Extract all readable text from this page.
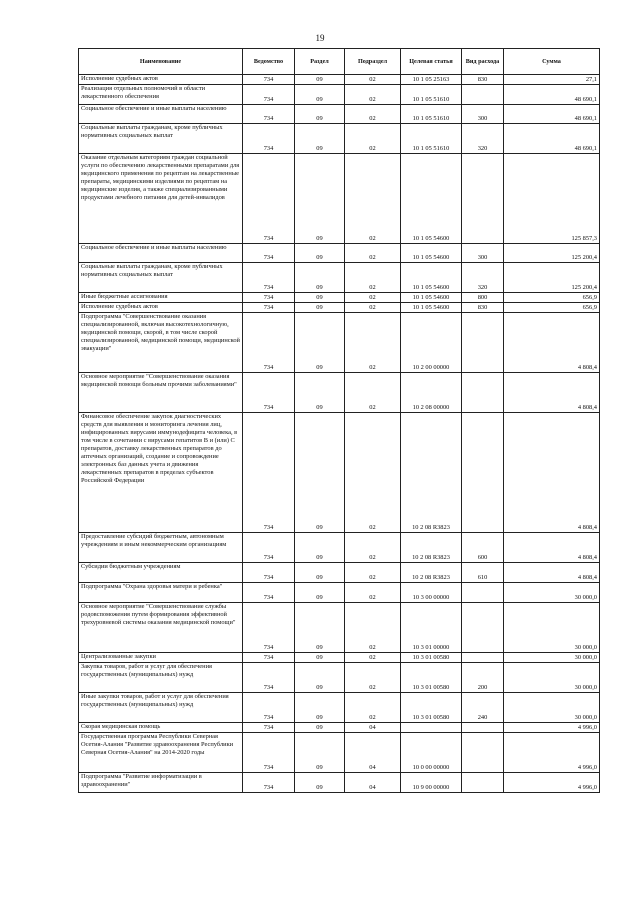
19
Наименование	Ведомство	Раздел	Подраздел	Целевая статья	Вид расхода	Сумма
Исполнение судебных актов	734	09	02	10 1 05 25163	830	27,1
Реализация отдельных полномочий в области лекарственного обеспечения	734	09	02	10 1 05 51610		48 690,1
Социальное обеспечение и иные выплаты населению	734	09	02	10 1 05 51610	300	48 690,1
Социальные выплаты гражданам, кроме публичных нормативных социальных выплат	734	09	02	10 1 05 51610	320	48 690,1
Оказание отдельным категориям граждан социальной услуги по обеспечению лекарственными препаратами для медицинского применения по рецептам на лекарственные препараты, медицинскими изделиями по рецептам на медицинские изделия, а также специализированными продуктами лечебного питания для детей-инвалидов	734	09	02	10 1 05 54600		125 857,3
Социальное обеспечение и иные выплаты населению	734	09	02	10 1 05 54600	300	125 200,4
Социальные выплаты гражданам, кроме публичных нормативных социальных выплат	734	09	02	10 1 05 54600	320	125 200,4
Иные бюджетные ассигнования	734	09	02	10 1 05 54600	800	656,9
Исполнение судебных актов	734	09	02	10 1 05 54600	830	656,9
Подпрограмма "Совершенствование оказания специализированной, включая высокотехнологичную, медицинской помощи, скорой, в том числе скорой специализированной, медицинской помощи, медицинской эвакуации"	734	09	02	10 2 00 00000		4 808,4
Основное мероприятие "Совершенствование оказания медицинской помощи больным прочими заболеваниями"	734	09	02	10 2 08 00000		4 808,4
Финансовое обеспечение закупок диагностических средств для выявления и мониторинга лечения лиц, инфицированных вирусами иммунодефицита человека, в том числе в сочетании с вирусами гепатитов В и (или) С препаратов, доставку лекарственных препаратов до аптечных организаций, создание и сопровождение электронных баз данных учета и движения лекарственных препаратов в пределах субъектов Российской Федерации	734	09	02	10 2 08 R3823		4 808,4
Предоставление субсидий бюджетным, автономным учреждениям и иным некоммерческим организациям	734	09	02	10 2 08 R3823	600	4 808,4
Субсидии бюджетным учреждениям	734	09	02	10 2 08 R3823	610	4 808,4
Подпрограмма "Охрана здоровья матери и ребенка"	734	09	02	10 3 00 00000		30 000,0
Основное мероприятие "Совершенствование службы родовспоможения путем формирования эффективной трехуровневой системы оказания медицинской помощи"	734	09	02	10 3 01 00000		30 000,0
Централизованные закупки	734	09	02	10 3 01 00580		30 000,0
Закупка товаров, работ и услуг для обеспечения государственных (муниципальных) нужд	734	09	02	10 3 01 00580	200	30 000,0
Иные закупки товаров, работ и услуг для обеспечения государственных (муниципальных) нужд	734	09	02	10 3 01 00580	240	30 000,0
Скорая медицинская помощь	734	09	04			4 996,0
Государственная программа Республики Северная Осетия-Алания "Развитие здравоохранения Республики Северная Осетия-Алания" на 2014-2020 годы	734	09	04	10 0 00 00000		4 996,0
Подпрограмма "Развитие информатизации в здравоохранении"	734	09	04	10 9 00 00000		4 996,0
